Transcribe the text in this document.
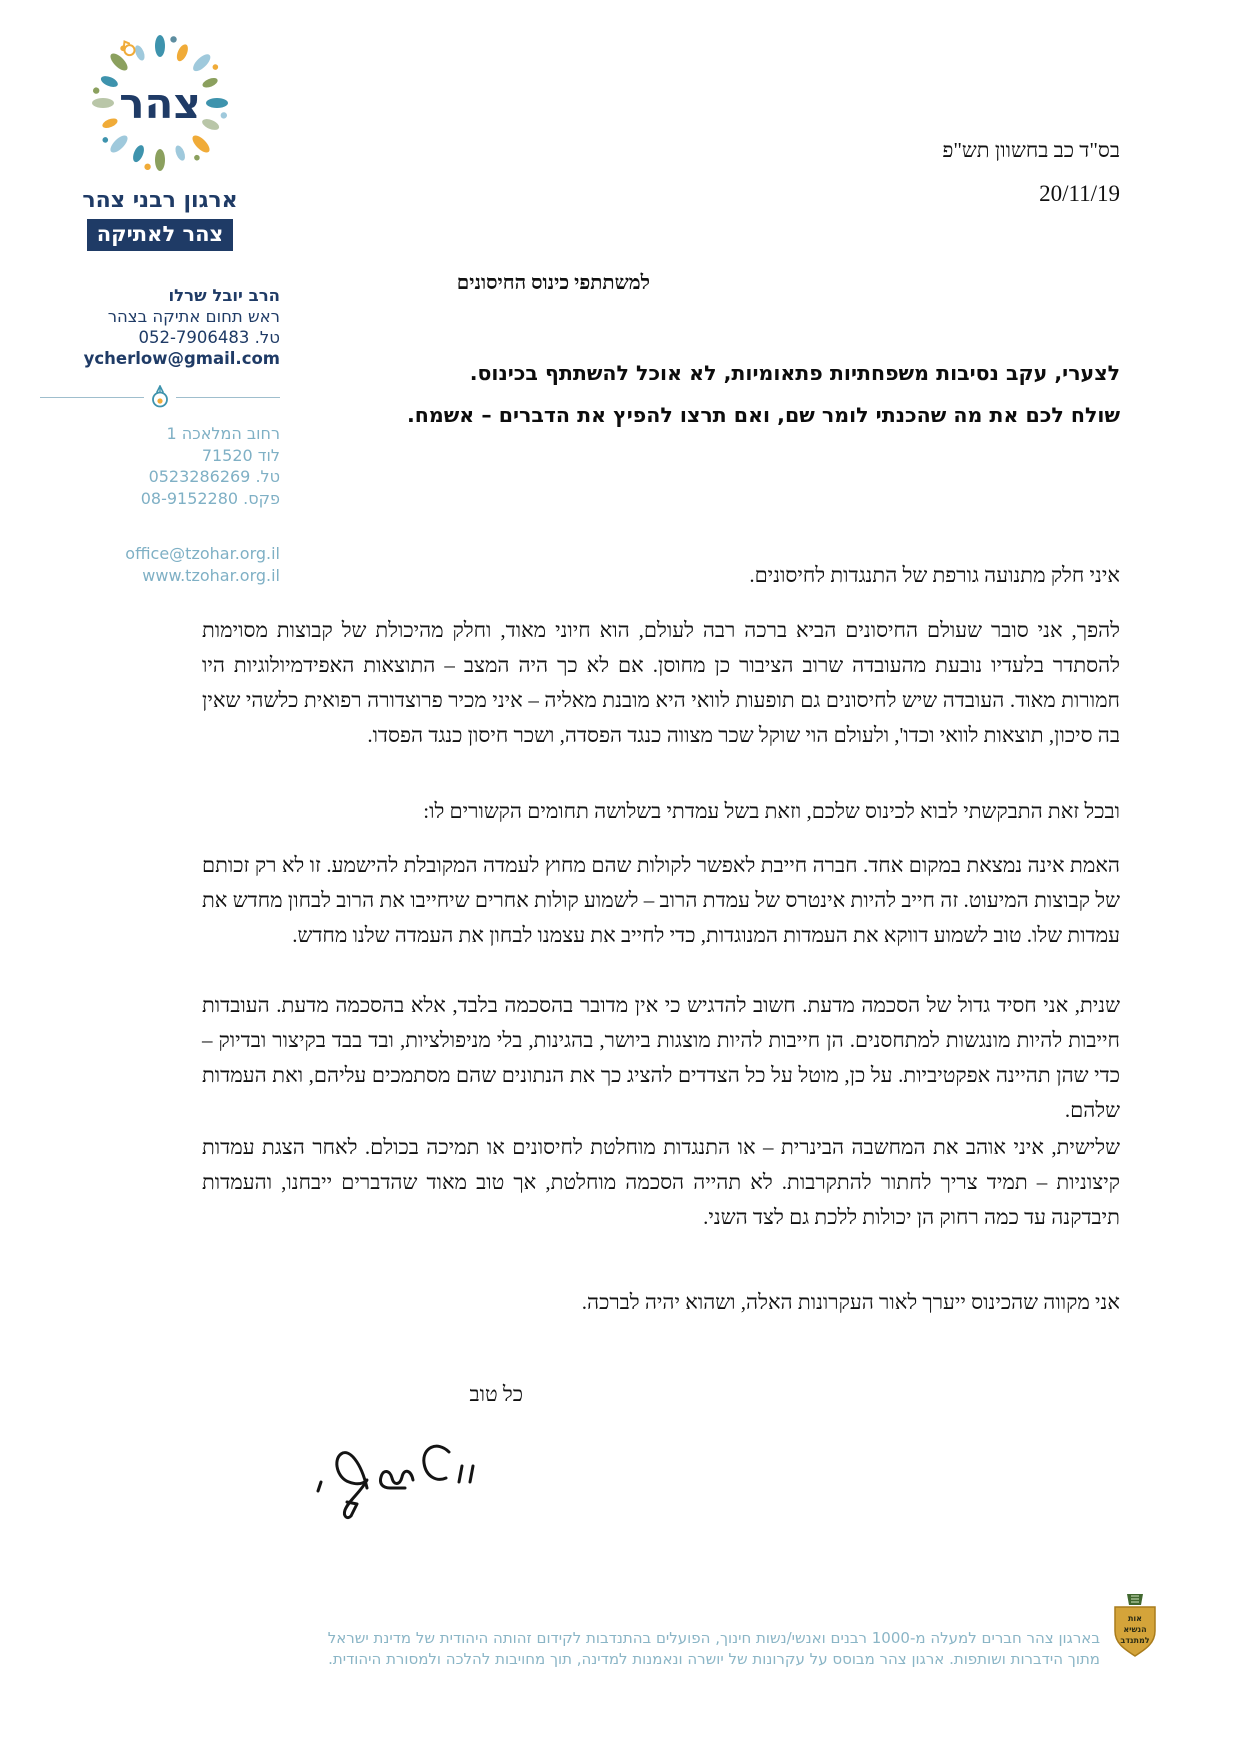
צהר
ארגון רבני צהר
צהר לאתיקה
הרב יובל שרלו
ראש תחום אתיקה בצהר
טל. 052-7906483
ycherlow@gmail.com
רחוב המלאכה 1
לוד 71520
טל. 0523286269
פקס. 08-9152280
office@tzohar.org.il
www.tzohar.org.il
בס"ד כב בחשוון תש"פ
20/11/19
למשתתפי כינוס החיסונים
לצערי, עקב נסיבות משפחתיות פתאומיות, לא אוכל להשתתף בכינוס.
שולח לכם את מה שהכנתי לומר שם, ואם תרצו להפיץ את הדברים – אשמח.
איני חלק מתנועה גורפת של התנגדות לחיסונים.
להפך, אני סובר שעולם החיסונים הביא ברכה רבה לעולם, הוא חיוני מאוד, וחלק מהיכולת של קבוצות מסוימות להסתדר בלעדיו נובעת מהעובדה שרוב הציבור כן מחוסן. אם לא כך היה המצב – התוצאות האפידמיולוגיות היו חמורות מאוד. העובדה שיש לחיסונים גם תופעות לוואי היא מובנת מאליה – איני מכיר פרוצדורה רפואית כלשהי שאין בה סיכון, תוצאות לוואי וכדו', ולעולם הוי שוקל שכר מצווה כנגד הפסדה, ושכר חיסון כנגד הפסדו.
ובכל זאת התבקשתי לבוא לכינוס שלכם, וזאת בשל עמדתי בשלושה תחומים הקשורים לו:
האמת אינה נמצאת במקום אחד. חברה חייבת לאפשר לקולות שהם מחוץ לעמדה המקובלת להישמע. זו לא רק זכותם של קבוצות המיעוט. זה חייב להיות אינטרס של עמדת הרוב – לשמוע קולות אחרים שיחייבו את הרוב לבחון מחדש את עמדות שלו. טוב לשמוע דווקא את העמדות המנוגדות, כדי לחייב את עצמנו לבחון את העמדה שלנו מחדש.
שנית, אני חסיד גדול של הסכמה מדעת. חשוב להדגיש כי אין מדובר בהסכמה בלבד, אלא בהסכמה מדעת. העובדות חייבות להיות מונגשות למתחסנים. הן חייבות להיות מוצגות ביושר, בהגינות, בלי מניפולציות, ובד בבד בקיצור ובדיוק – כדי שהן תהיינה אפקטיביות. על כן, מוטל על כל הצדדים להציג כך את הנתונים שהם מסתמכים עליהם, ואת העמדות שלהם.
שלישית, איני אוהב את המחשבה הבינרית – או התנגדות מוחלטת לחיסונים או תמיכה בכולם. לאחר הצגת עמדות קיצוניות – תמיד צריך לחתור להתקרבות. לא תהייה הסכמה מוחלטת, אך טוב מאוד שהדברים ייבחנו, והעמדות תיבדקנה עד כמה רחוק הן יכולות ללכת גם לצד השני.
אני מקווה שהכינוס ייערך לאור העקרונות האלה, ושהוא יהיה לברכה.
כל טוב
בארגון צהר חברים למעלה מ-1000 רבנים ואנשי/נשות חינוך, הפועלים בהתנדבות לקידום זהותה היהודית של מדינת ישראל
מתוך הידברות ושותפות. ארגון צהר מבוסס על עקרונות של יושרה ונאמנות למדינה, תוך מחויבות להלכה ולמסורת היהודית.
אות
הנשיא
למתנדב
